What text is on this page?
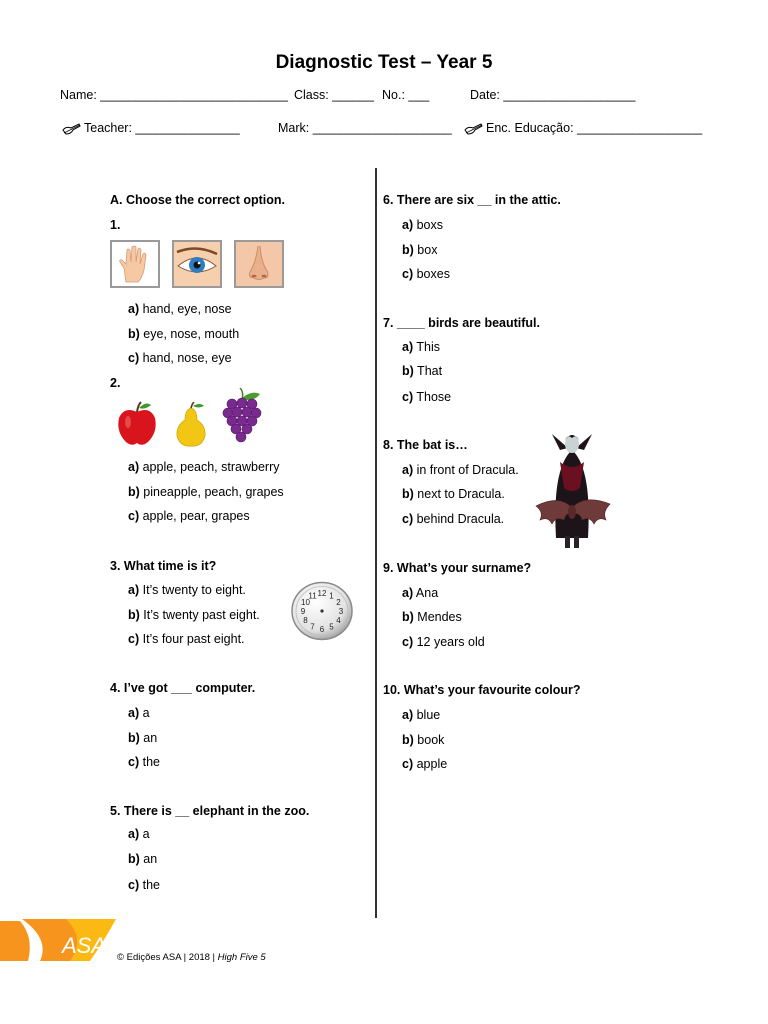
Diagnostic Test – Year 5
Name: ___________________________ Class: ______ No.: ___	Date: ___________________
Teacher: _______________	Mark: ____________________	Enc. Educação: __________________
A. Choose the correct option.
1.
a) hand, eye, nose
b) eye, nose, mouth
c) hand, nose, eye
2.
a) apple, peach, strawberry
b) pineapple, peach, grapes
c) apple, pear, grapes
3. What time is it?
a) It’s twenty to eight.
b) It’s twenty past eight.
c) It’s four past eight.
12 1
2
3
4
5
6
7
8
9
10
11
4. I’ve got ___ computer.
a) a
b) an
c) the
5. There is __ elephant in the zoo.
a) a
b) an
c) the
6. There are six __ in the attic.
a) boxs
b) box
c) boxes
7. ____ birds are beautiful.
a) This
b) That
c) Those
8. The bat is…
a) in front of Dracula.
b) next to Dracula.
c) behind Dracula.
9. What’s your surname?
a) Ana
b) Mendes
c) 12 years old
10. What’s your favourite colour?
a) blue
b) book
c) apple
ASA © Edições ASA | 2018 | High Five 5
